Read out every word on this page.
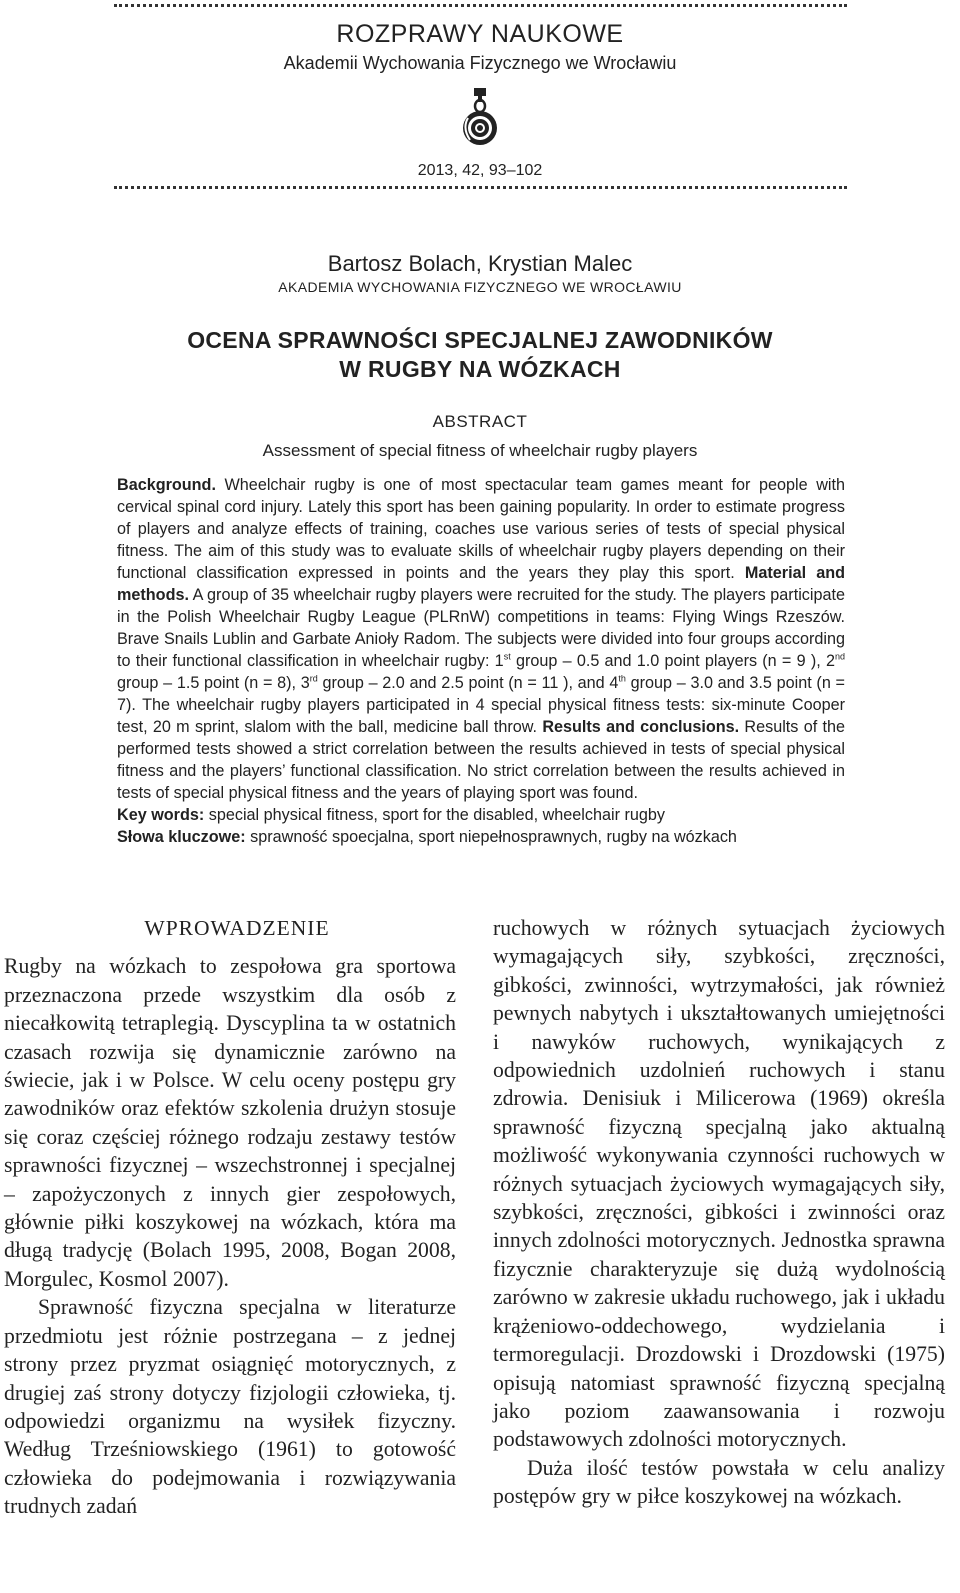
ROZPRAWY NAUKOWE
Akademii Wychowania Fizycznego we Wrocławiu
2013, 42, 93–102
Bartosz Bolach, Krystian Malec
AKADEMIA WYCHOWANIA FIZYCZNEGO WE WROCŁAWIU
OCENA SPRAWNOŚCI SPECJALNEJ ZAWODNIKÓW
W RUGBY NA WÓZKACH
ABSTRACT
Assessment of special fitness of wheelchair rugby players

Background. Wheelchair rugby is one of most spectacular team games meant for people with cervical spinal cord injury. Lately this sport has been gaining popularity. In order to estimate progress of players and analyze effects of training, coaches use various series of tests of special physical fitness. The aim of this study was to evaluate skills of wheelchair rugby players depending on their functional classification expressed in points and the years they play this sport. Material and methods. A group of 35 wheelchair rugby players were recruited for the study. The players participate in the Polish Wheelchair Rugby League (PLRnW) competitions in teams: Flying Wings Rzeszów. Brave Snails Lublin and Garbate Anioły Radom. The subjects were divided into four groups according to their functional classification in wheelchair rugby: 1st group – 0.5 and 1.0 point players (n = 9 ), 2nd group – 1.5 point (n = 8), 3rd group – 2.0 and 2.5 point (n = 11 ), and 4th group – 3.0 and 3.5 point (n = 7). The wheelchair rugby players participated in 4 special physical fitness tests: six-minute Cooper test, 20 m sprint, slalom with the ball, medicine ball throw. Results and conclusions. Results of the performed tests showed a strict correlation between the results achieved in tests of special physical fitness and the players’ functional classification. No strict correlation between the results achieved in tests of special physical fitness and the years of playing sport was found.

Key words: special physical fitness, sport for the disabled, wheelchair rugby

Słowa kluczowe: sprawność spoecjalna, sport niepełnosprawnych, rugby na wózkach

WPROWADZENIE

Rugby na wózkach to zespołowa gra sportowa przeznaczona przede wszystkim dla osób z niecałkowitą tetraplegią. Dyscyplina ta w ostatnich czasach rozwija się dynamicznie zarówno na świecie, jak i w Polsce. W celu oceny postępu gry zawodników oraz efektów szkolenia drużyn stosuje się coraz częściej różnego rodzaju zestawy testów sprawności fizycznej – wszechstronnej i specjalnej – zapożyczonych z innych gier zespołowych, głównie piłki koszykowej na wózkach, która ma długą tradycję (Bolach 1995, 2008, Bogan 2008, Morgulec, Kosmol 2007).

Sprawność fizyczna specjalna w literaturze przedmiotu jest różnie postrzegana – z jednej strony przez pryzmat osiągnięć motorycznych, z drugiej zaś strony dotyczy fizjologii człowieka, tj. odpowiedzi organizmu na wysiłek fizyczny. Według Trześniowskiego (1961) to gotowość człowieka do podejmowania i rozwiązywania trudnych zadań

ruchowych w różnych sytuacjach życiowych wymagających siły, szybkości, zręczności, gibkości, zwinności, wytrzymałości, jak również pewnych nabytych i ukształtowanych umiejętności i nawyków ruchowych, wynikających z odpowiednich uzdolnień ruchowych i stanu zdrowia. Denisiuk i Milicerowa (1969) określa sprawność fizyczną specjalną jako aktualną możliwość wykonywania czynności ruchowych w różnych sytuacjach życiowych wymagających siły, szybkości, zręczności, gibkości i zwinności oraz innych zdolności motorycznych. Jednostka sprawna fizycznie charakteryzuje się dużą wydolnością zarówno w zakresie układu ruchowego, jak i układu krążeniowo-oddechowego, wydzielania i termoregulacji. Drozdowski i Drozdowski (1975) opisują natomiast sprawność fizyczną specjalną jako poziom zaawansowania i rozwoju podstawowych zdolności motorycznych.

Duża ilość testów powstała w celu analizy postępów gry w piłce koszykowej na wózkach.
